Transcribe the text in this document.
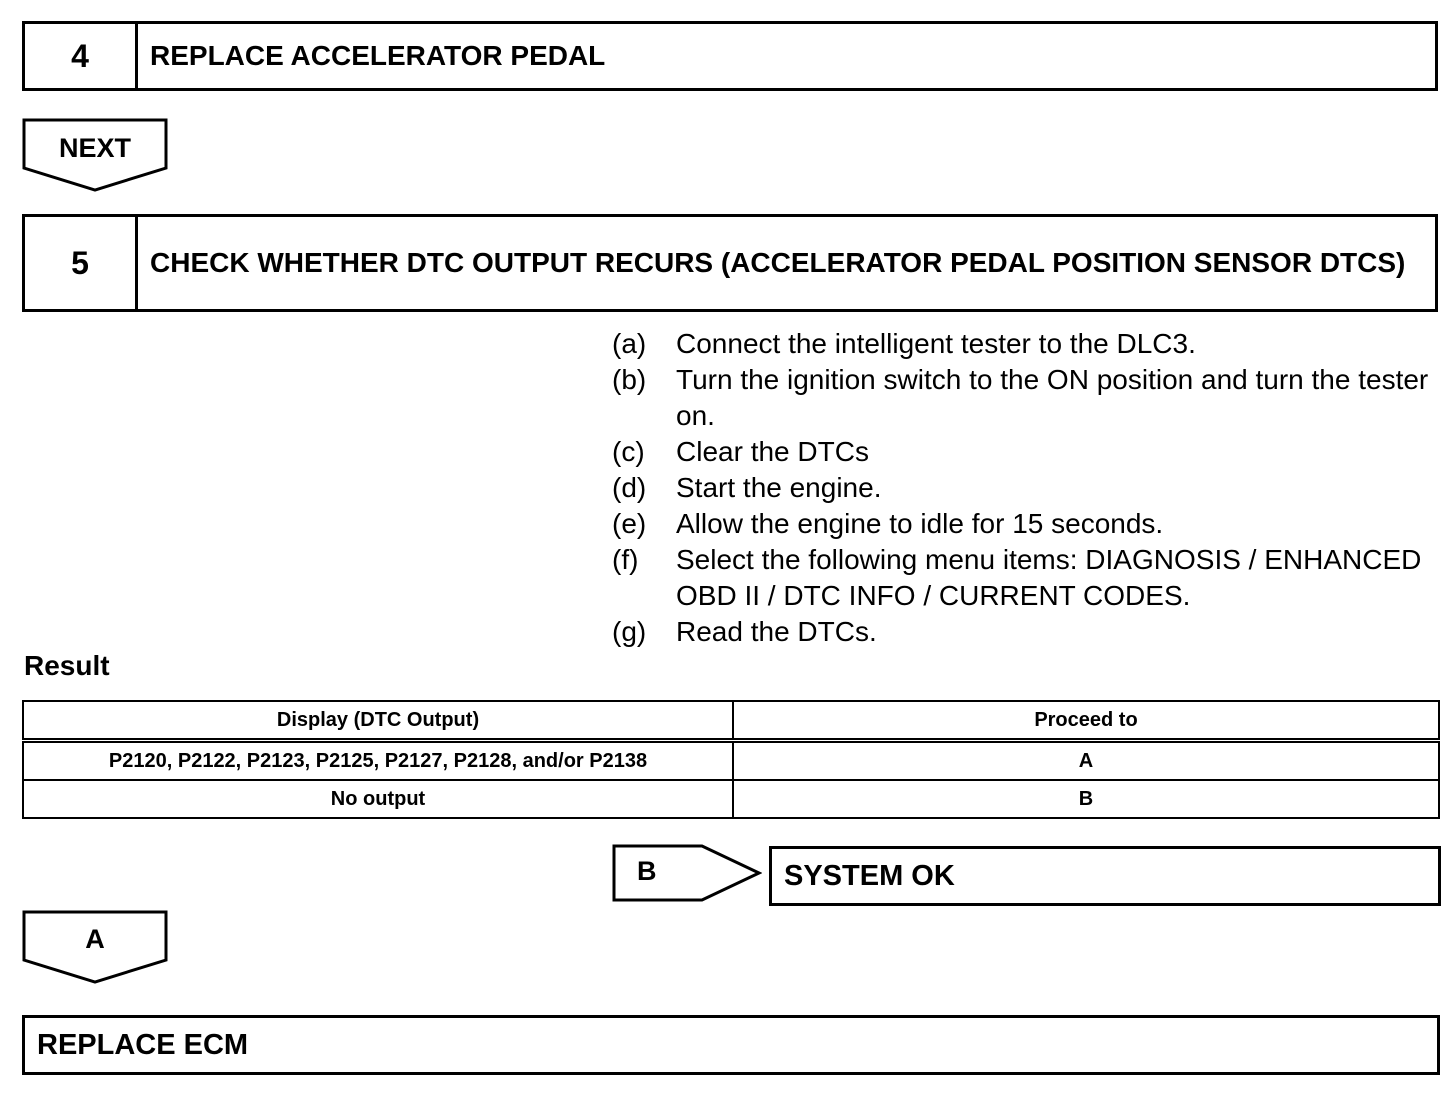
4	REPLACE ACCELERATOR PEDAL
NEXT
5	CHECK WHETHER DTC OUTPUT RECURS (ACCELERATOR PEDAL POSITION SENSOR DTCS)
(a)	Connect the intelligent tester to the DLC3.
(b)	Turn the ignition switch to the ON position and turn the tester on.
(c)	Clear the DTCs
(d)	Start the engine.
(e)	Allow the engine to idle for 15 seconds.
(f)	Select the following menu items: DIAGNOSIS / ENHANCED OBD II / DTC INFO / CURRENT CODES.
(g)	Read the DTCs.
Result
Display (DTC Output)	Proceed to
P2120, P2122, P2123, P2125, P2127, P2128, and/or P2138	A
No output	B
B	SYSTEM OK
A
REPLACE ECM
